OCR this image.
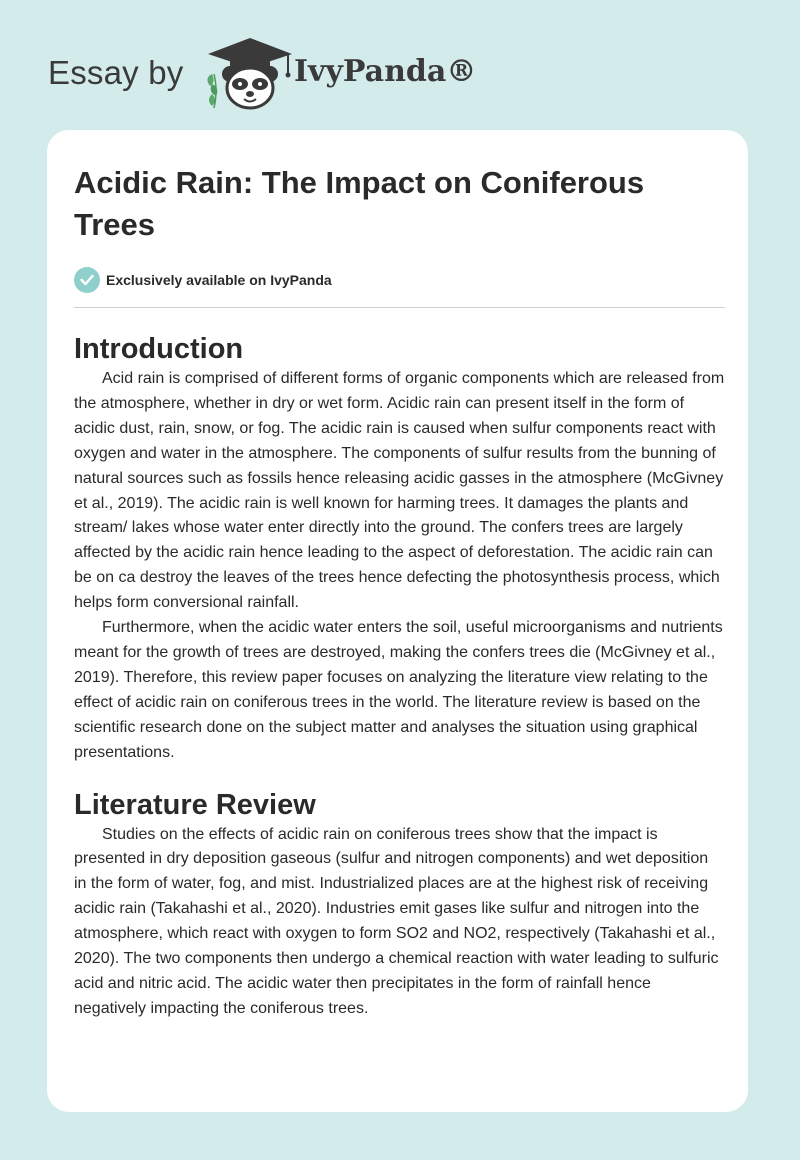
Essay by	IvyPanda®
Acidic Rain: The Impact on Coniferous Trees
Exclusively available on IvyPanda
Introduction

Acid rain is comprised of different forms of organic components which are released from the atmosphere, whether in dry or wet form. Acidic rain can present itself in the form of acidic dust, rain, snow, or fog. The acidic rain is caused when sulfur components react with oxygen and water in the atmosphere. The components of sulfur results from the bunning of natural sources such as fossils hence releasing acidic gasses in the atmosphere (McGivney et al., 2019). The acidic rain is well known for harming trees. It damages the plants and stream/ lakes whose water enter directly into the ground. The confers trees are largely affected by the acidic rain hence leading to the aspect of deforestation. The acidic rain can be on ca destroy the leaves of the trees hence defecting the photosynthesis process, which helps form conversional rainfall.

Furthermore, when the acidic water enters the soil, useful microorganisms and nutrients meant for the growth of trees are destroyed, making the confers trees die (McGivney et al., 2019). Therefore, this review paper focuses on analyzing the literature view relating to the effect of acidic rain on coniferous trees in the world. The literature review is based on the scientific research done on the subject matter and analyses the situation using graphical presentations.

Literature Review

Studies on the effects of acidic rain on coniferous trees show that the impact is presented in dry deposition gaseous (sulfur and nitrogen components) and wet deposition in the form of water, fog, and mist. Industrialized places are at the highest risk of receiving acidic rain (Takahashi et al., 2020). Industries emit gases like sulfur and nitrogen into the atmosphere, which react with oxygen to form SO2 and NO2, respectively (Takahashi et al., 2020). The two components then undergo a chemical reaction with water leading to sulfuric acid and nitric acid. The acidic water then precipitates in the form of rainfall hence negatively impacting the coniferous trees.
